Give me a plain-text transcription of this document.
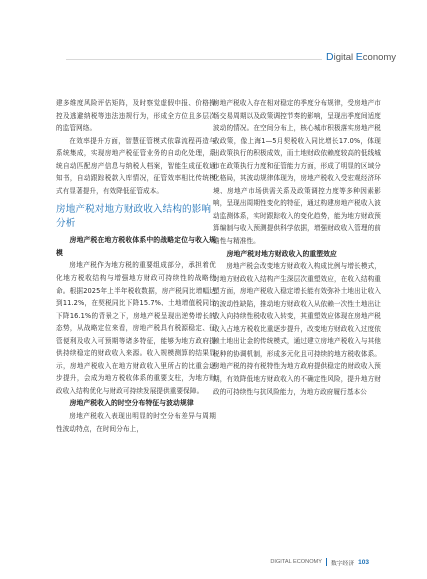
Digital Economy

建多维度风险评估矩阵，及时察觉虚假申报、价格操控及逃避纳税等违法违规行为，形成全方位且多层次的监管网络。

在效率提升方面，智慧征管模式依靠流程再造与系统集成，实现房地产税征管业务的自动化处理，系统自动匹配房产信息与纳税人档案，智能生成征收通知书，自动跟踪税款入库情况，征管效率相比传统模式有显著提升，有效降低征管成本。

房地产税对地方财政收入结构的影响分析

房地产税在地方税收体系中的战略定位与收入规模

房地产税作为地方税的重要组成部分，承担着优化地方税收结构与增强地方财政可持续性的战略使命。根据2025年上半年税收数据，房产税同比增幅达到11.2%，在契税同比下降15.7%、土地增值税同比下降16.1%的背景之下，房地产税呈现出逆势增长的态势，从战略定位来看，房地产税具有税源稳定、征管便利及收入可预期等诸多特征，能够为地方政府提供持续稳定的财政收入来源。收入规模测算的结果显示，房地产税收入在地方财政收入里所占的比重会逐步提升，会成为地方税收体系的重要支柱，为地方财政收入结构优化与财政可持续发展提供重要保障。

房地产税收入的时空分布特征与波动规律

房地产税收入表现出明显的时空分布差异与周期性波动特点，在时间分布上，

房地产税收入存在相对稳定的季度分布规律，受房地产市场交易周期以及政策调控节奏的影响，呈现出季度间适度波动的情况。在空间分布上，核心城市积极落实房地产税收政策，像上海1—5月契税收入同比增长17.0%，体现出政策执行的积极成效，而土地财政依赖度较高的低线城市在政策执行力度和征管能力方面，形成了明显的区域分化格局，其波动规律体现为，房地产税收入受宏观经济环境、房地产市场供需关系及政策调控力度等多种因素影响，呈现出周期性变化的特征，通过构建房地产税收入波动监测体系，实时跟踪收入的变化趋势，能为地方财政预算编制与收入预测提供科学依据，增强财政收入管理的前瞻性与精准性。

房地产税对地方财政收入的重塑效应

房地产税会改变地方财政收入构成比例与增长模式，对地方财政收入结构产生深层次重塑效应，在收入结构重塑方面，房地产税收入稳定增长能有效弥补土地出让收入的波动性缺陷，推动地方财政收入从依赖一次性土地出让收入向持续性税收收入转变，其重塑效应体现在房地产税收入占地方税收比重逐步提升，改变地方财政收入过度依赖土地出让金的传统模式，通过建立房地产税收入与其他税种的协调机制，形成多元化且可持续的地方税收体系。房地产税的持有税特性为地方政府提供稳定的财政收入预期，有效降低地方财政收入的不确定性风险，提升地方财政的可持续性与抗风险能力，为地方政府履行基本公

DIGITAL ECONOMY 数字经济 103
